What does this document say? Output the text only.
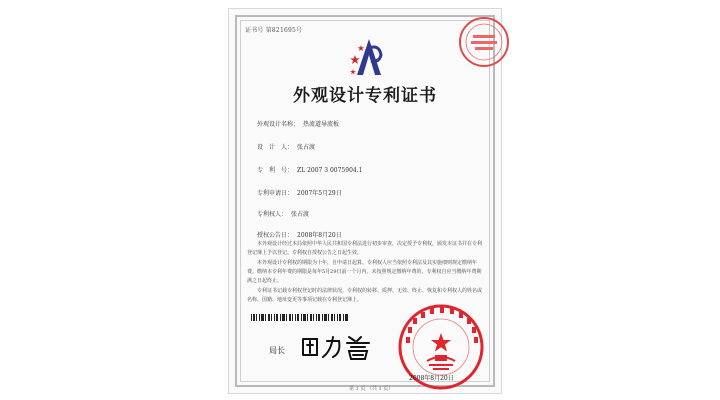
证书号 第821695号
外观设计专利证书
外观设计名称： 热流道导流板
设　计　人： 张占渡
专　利　号： ZL 2007 3 0075904.1
专利申请日： 2007年5月29日
专利权人： 张占渡
授权公告日： 2008年8月20日

本外观设计经过本局依照中华人民共和国专利法进行初步审查，决定授予专利权，颁发本证书并在专利登记簿上予以登记。专利权自授权公告之日起生效。

本外观设计专利权的期限为十年，自申请日起算。专利权人应当依照专利法及其实施细则规定缴纳年费。缴纳本专利年费的期限是每年5月29日前一个月内。未按照规定缴纳年费的，专利权自应当缴纳年费期满之日起终止。

专利证书记载专利权登记时的法律状况。专利权的转移、质押、无效、终止、恢复和专利权人的姓名或名称、国籍、地址变更等事项记载在专利登记簿上。

局长
2008年8月20日
第 1 页 （共 1 页）
